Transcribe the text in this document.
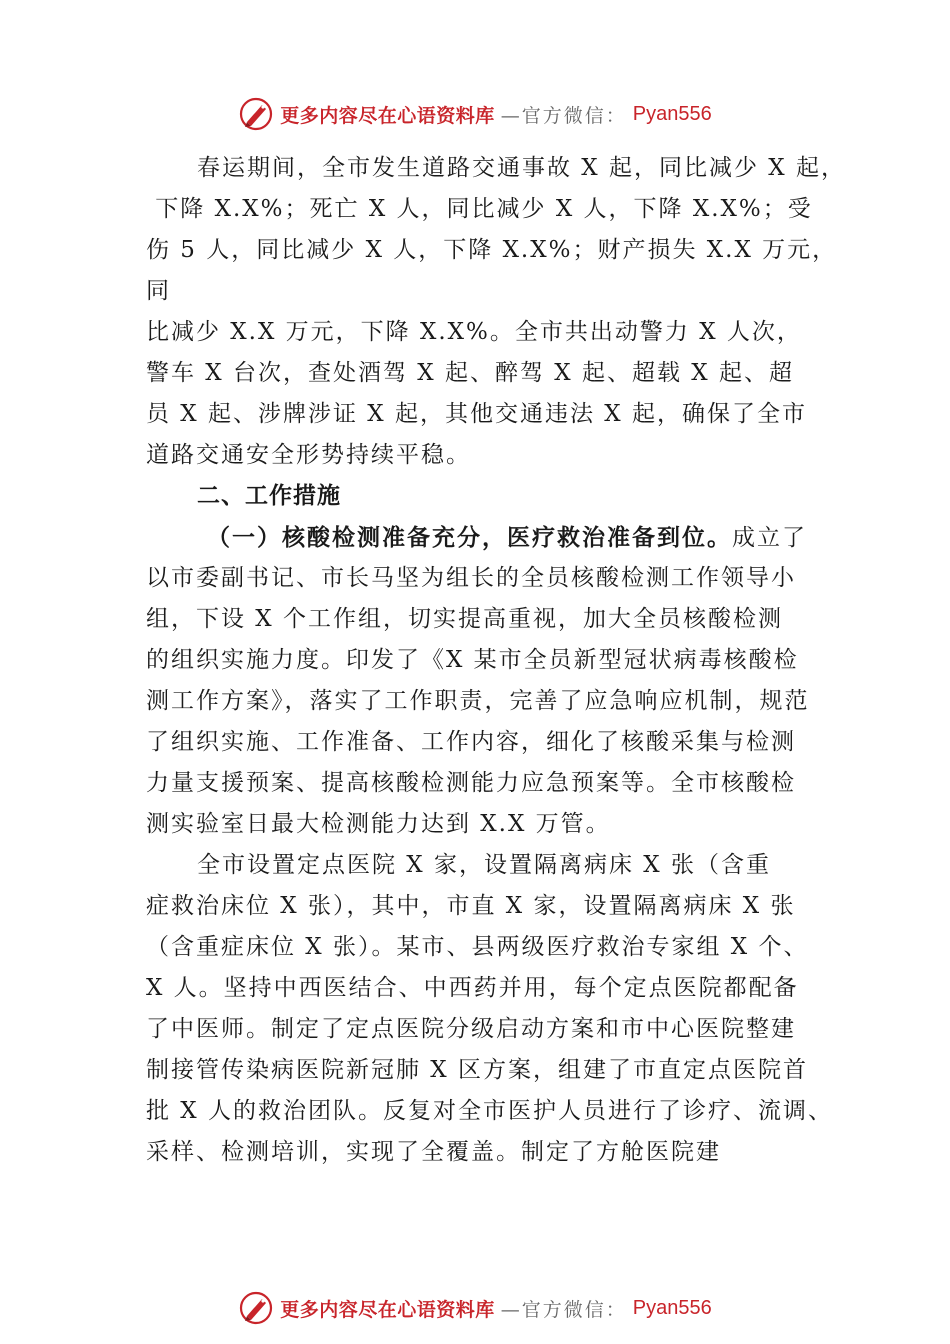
更多内容尽在心语资料库 —官方微信： Pyan556
春运期间，全市发生道路交通事故 X 起，同比减少 X 起，
下降 X.X%；死亡 X 人，同比减少 X 人，下降 X.X%；受
伤 5 人，同比减少 X 人，下降 X.X%；财产损失 X.X 万元，
同
比减少 X.X 万元，下降 X.X%。全市共出动警力 X 人次，
警车 X 台次，查处酒驾 X 起、醉驾 X 起、超载 X 起、超
员 X 起、涉牌涉证 X 起，其他交通违法 X 起，确保了全市
道路交通安全形势持续平稳。
二、工作措施
（一）核酸检测准备充分，医疗救治准备到位。成立了
以市委副书记、市长马坚为组长的全员核酸检测工作领导小
组，下设 X 个工作组，切实提高重视，加大全员核酸检测
的组织实施力度。印发了《X 某市全员新型冠状病毒核酸检
测工作方案》，落实了工作职责，完善了应急响应机制，规范
了组织实施、工作准备、工作内容，细化了核酸采集与检测
力量支援预案、提高核酸检测能力应急预案等。全市核酸检
测实验室日最大检测能力达到 X.X 万管。
全市设置定点医院 X 家，设置隔离病床 X 张（含重
症救治床位 X 张），其中，市直 X 家，设置隔离病床 X 张
（含重症床位 X 张）。某市、县两级医疗救治专家组 X 个、
X 人。坚持中西医结合、中西药并用，每个定点医院都配备
了中医师。制定了定点医院分级启动方案和市中心医院整建
制接管传染病医院新冠肺 X 区方案，组建了市直定点医院首
批 X 人的救治团队。反复对全市医护人员进行了诊疗、流调、
采样、检测培训，实现了全覆盖。制定了方舱医院建
更多内容尽在心语资料库 —官方微信： Pyan556
